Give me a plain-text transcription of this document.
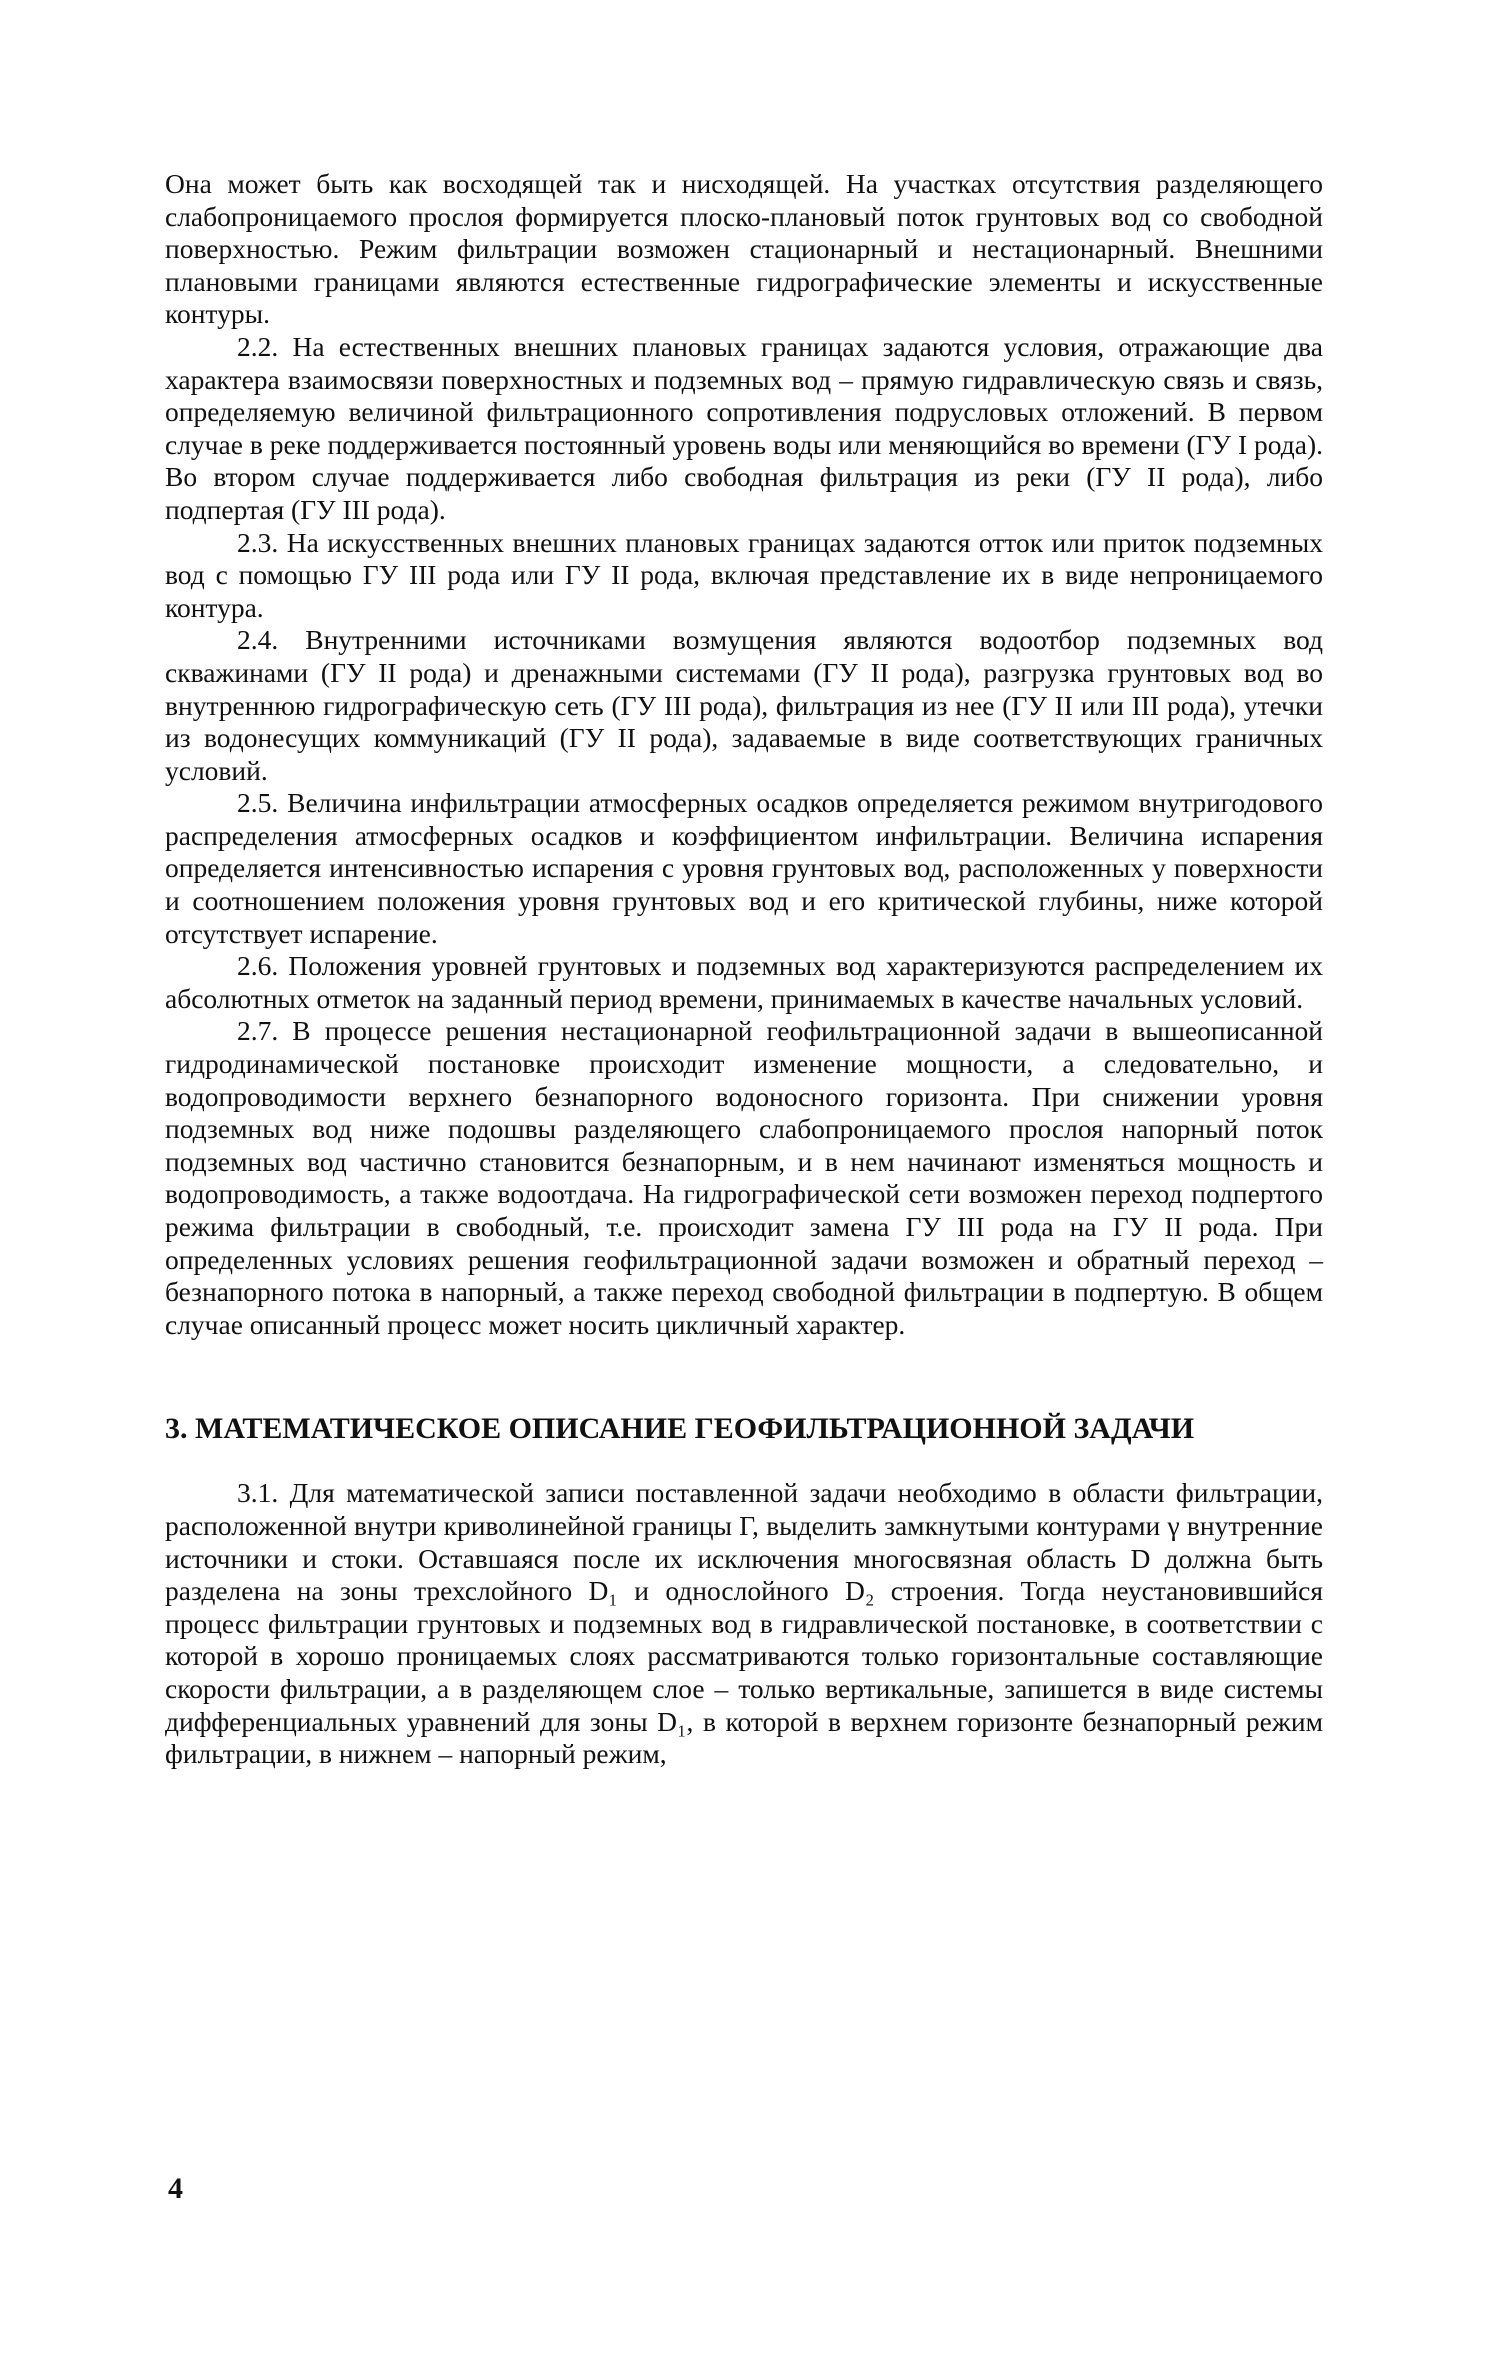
Она может быть как восходящей так и нисходящей. На участках отсутствия разделяющего слабопроницаемого прослоя формируется плоско-плановый поток грунтовых вод со свободной поверхностью. Режим фильтрации возможен стационарный и нестационарный. Внешними плановыми границами являются естественные гидрографические элементы и искусственные контуры.

2.2. На естественных внешних плановых границах задаются условия, отражающие два характера взаимосвязи поверхностных и подземных вод – прямую гидравлическую связь и связь, определяемую величиной фильтрационного сопротивления подрусловых отложений. В первом случае в реке поддерживается постоянный уровень воды или меняющийся во времени (ГУ I рода). Во втором случае поддерживается либо свободная фильтрация из реки (ГУ II рода), либо подпертая (ГУ III рода).

2.3. На искусственных внешних плановых границах задаются отток или приток подземных вод с помощью ГУ III рода или ГУ II рода, включая представление их в виде непроницаемого контура.

2.4. Внутренними источниками возмущения являются водоотбор подземных вод скважинами (ГУ II рода) и дренажными системами (ГУ II рода), разгрузка грунтовых вод во внутреннюю гидрографическую сеть (ГУ III рода), фильтрация из нее (ГУ II или III рода), утечки из водонесущих коммуникаций (ГУ II рода), задаваемые в виде соответствующих граничных условий.

2.5. Величина инфильтрации атмосферных осадков определяется режимом внутригодового распределения атмосферных осадков и коэффициентом инфильтрации. Величина испарения определяется интенсивностью испарения с уровня грунтовых вод, расположенных у поверхности и соотношением положения уровня грунтовых вод и его критической глубины, ниже которой отсутствует испарение.

2.6. Положения уровней грунтовых и подземных вод характеризуются распределением их абсолютных отметок на заданный период времени, принимаемых в качестве начальных условий.

2.7. В процессе решения нестационарной геофильтрационной задачи в вышеописанной гидродинамической постановке происходит изменение мощности, а следовательно, и водопроводимости верхнего безнапорного водоносного горизонта. При снижении уровня подземных вод ниже подошвы разделяющего слабопроницаемого прослоя напорный поток подземных вод частично становится безнапорным, и в нем начинают изменяться мощность и водопроводимость, а также водоотдача. На гидрографической сети возможен переход подпертого режима фильтрации в свободный, т.е. происходит замена ГУ III рода на ГУ II рода. При определенных условиях решения геофильтрационной задачи возможен и обратный переход – безнапорного потока в напорный, а также переход свободной фильтрации в подпертую. В общем случае описанный процесс может носить цикличный характер.

3. МАТЕМАТИЧЕСКОЕ ОПИСАНИЕ ГЕОФИЛЬТРАЦИОННОЙ ЗАДАЧИ

3.1. Для математической записи поставленной задачи необходимо в области фильтрации, расположенной внутри криволинейной границы Г, выделить замкнутыми контурами γ внутренние источники и стоки. Оставшаяся после их исключения многосвязная область D должна быть разделена на зоны трехслойного D₁ и однослойного D₂ строения. Тогда неустановившийся процесс фильтрации грунтовых и подземных вод в гидравлической постановке, в соответствии с которой в хорошо проницаемых слоях рассматриваются только горизонтальные составляющие скорости фильтрации, а в разделяющем слое – только вертикальные, запишется в виде системы дифференциальных уравнений для зоны D₁, в которой в верхнем горизонте безнапорный режим фильтрации, в нижнем – напорный режим,

4
